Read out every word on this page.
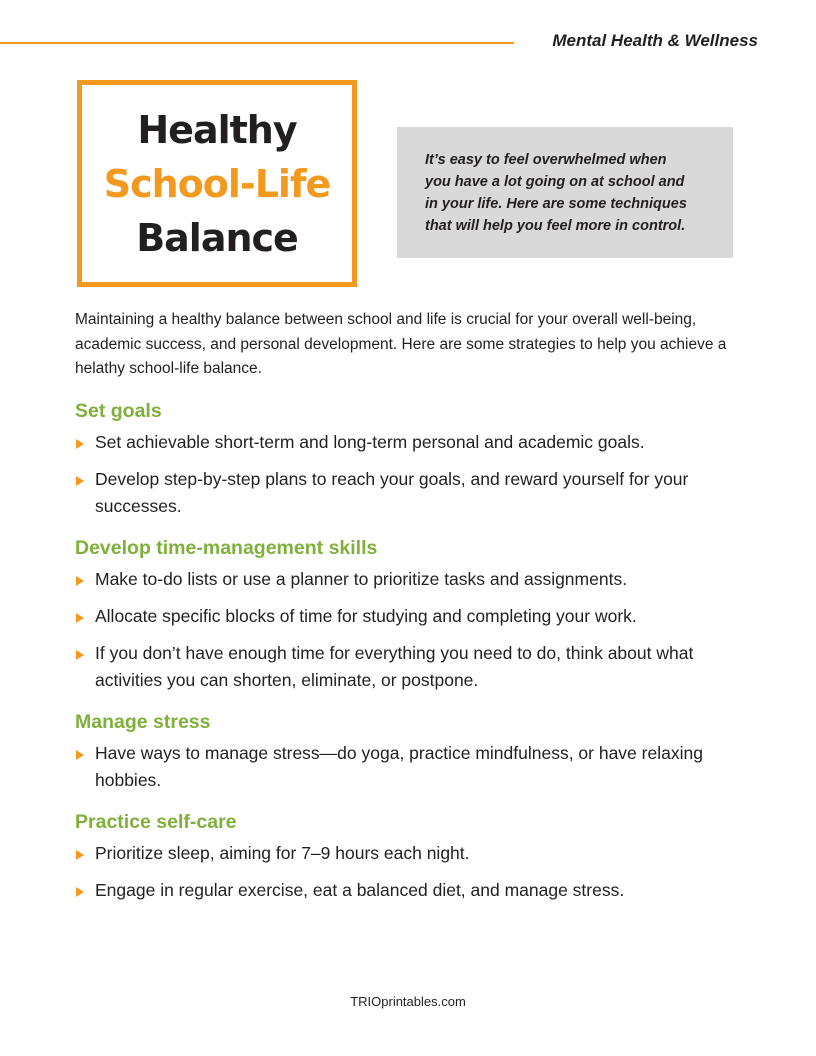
Mental Health & Wellness
Healthy
School-Life
Balance
It’s easy to feel overwhelmed when
you have a lot going on at school and
in your life. Here are some techniques
that will help you feel more in control.

Maintaining a healthy balance between school and life is crucial for your overall well-being, academic success, and personal development. Here are some strategies to help you achieve a helathy school-life balance.

Set goals
Set achievable short-term and long-term personal and academic goals.
Develop step-by-step plans to reach your goals, and reward yourself for your successes.
Develop time-management skills
Make to-do lists or use a planner to prioritize tasks and assignments.
Allocate specific blocks of time for studying and completing your work.
If you don’t have enough time for everything you need to do, think about what activities you can shorten, eliminate, or postpone.
Manage stress
Have ways to manage stress—do yoga, practice mindfulness, or have relaxing hobbies.
Practice self-care
Prioritize sleep, aiming for 7–9 hours each night.
Engage in regular exercise, eat a balanced diet, and manage stress.
TRIOprintables.com
